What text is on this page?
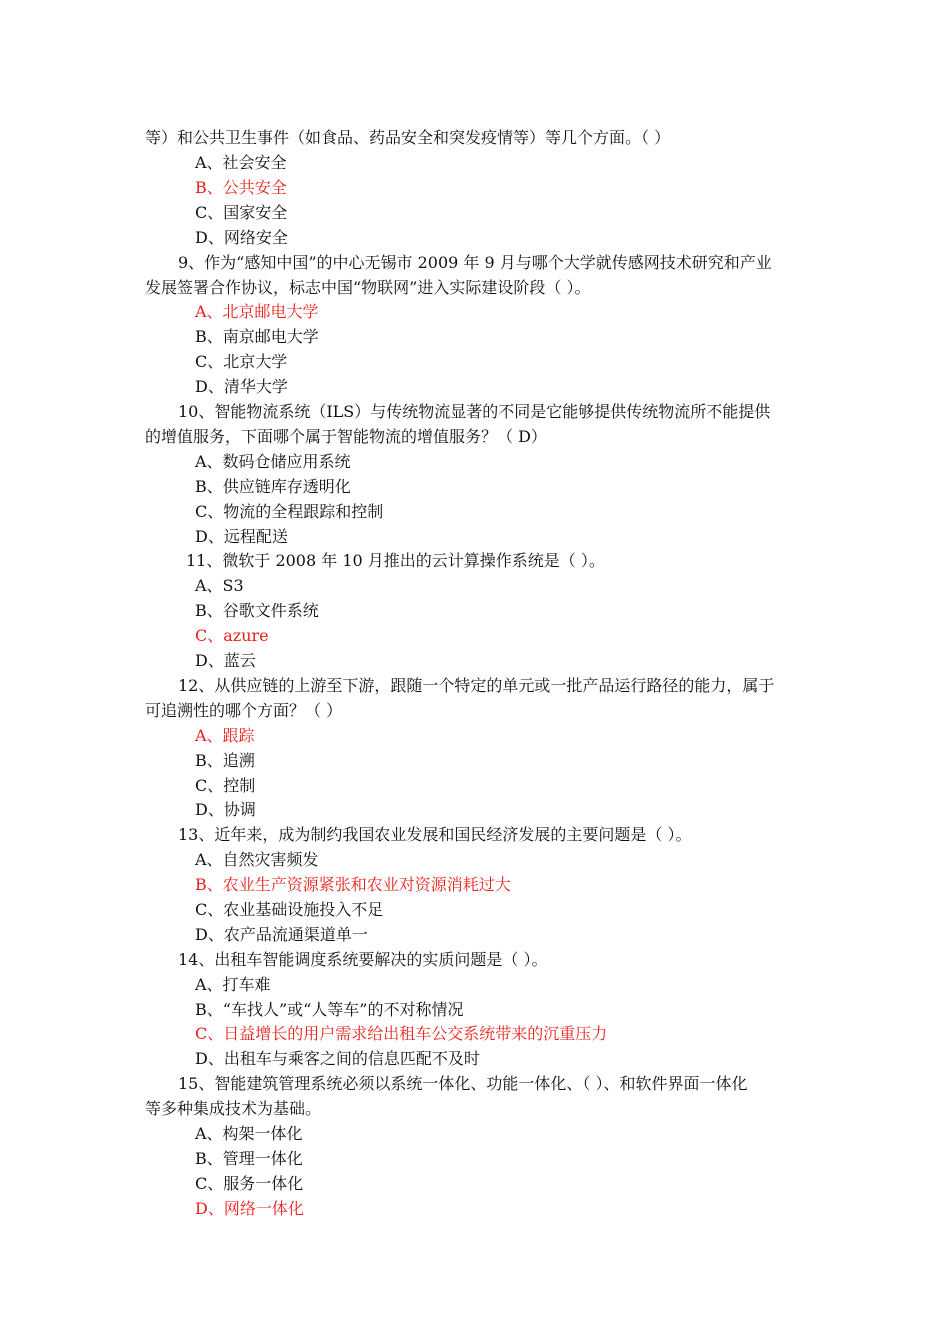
等）和公共卫生事件（如食品、药品安全和突发疫情等）等几个方面。（ ）
A、社会安全
B、公共安全
C、国家安全
D、网络安全
9、作为“感知中国”的中心无锡市 2009 年 9 月与哪个大学就传感网技术研究和产业
发展签署合作协议，标志中国“物联网”进入实际建设阶段（ ）。
A、北京邮电大学
B、南京邮电大学
C、北京大学
D、清华大学
10、智能物流系统（ILS）与传统物流显著的不同是它能够提供传统物流所不能提供
的增值服务，下面哪个属于智能物流的增值服务？（ D）
A、数码仓储应用系统
B、供应链库存透明化
C、物流的全程跟踪和控制
D、远程配送
11、微软于 2008 年 10 月推出的云计算操作系统是（ ）。
A、S3
B、谷歌文件系统
C、azure
D、蓝云
12、从供应链的上游至下游，跟随一个特定的单元或一批产品运行路径的能力，属于
可追溯性的哪个方面？（ ）
A、跟踪
B、追溯
C、控制
D、协调
13、近年来，成为制约我国农业发展和国民经济发展的主要问题是（ ）。
A、自然灾害频发
B、农业生产资源紧张和农业对资源消耗过大
C、农业基础设施投入不足
D、农产品流通渠道单一
14、出租车智能调度系统要解决的实质问题是（ ）。
A、打车难
B、“车找人”或“人等车”的不对称情况
C、日益增长的用户需求给出租车公交系统带来的沉重压力
D、出租车与乘客之间的信息匹配不及时
15、智能建筑管理系统必须以系统一体化、功能一体化、（ ）、和软件界面一体化
等多种集成技术为基础。
A、构架一体化
B、管理一体化
C、服务一体化
D、网络一体化
